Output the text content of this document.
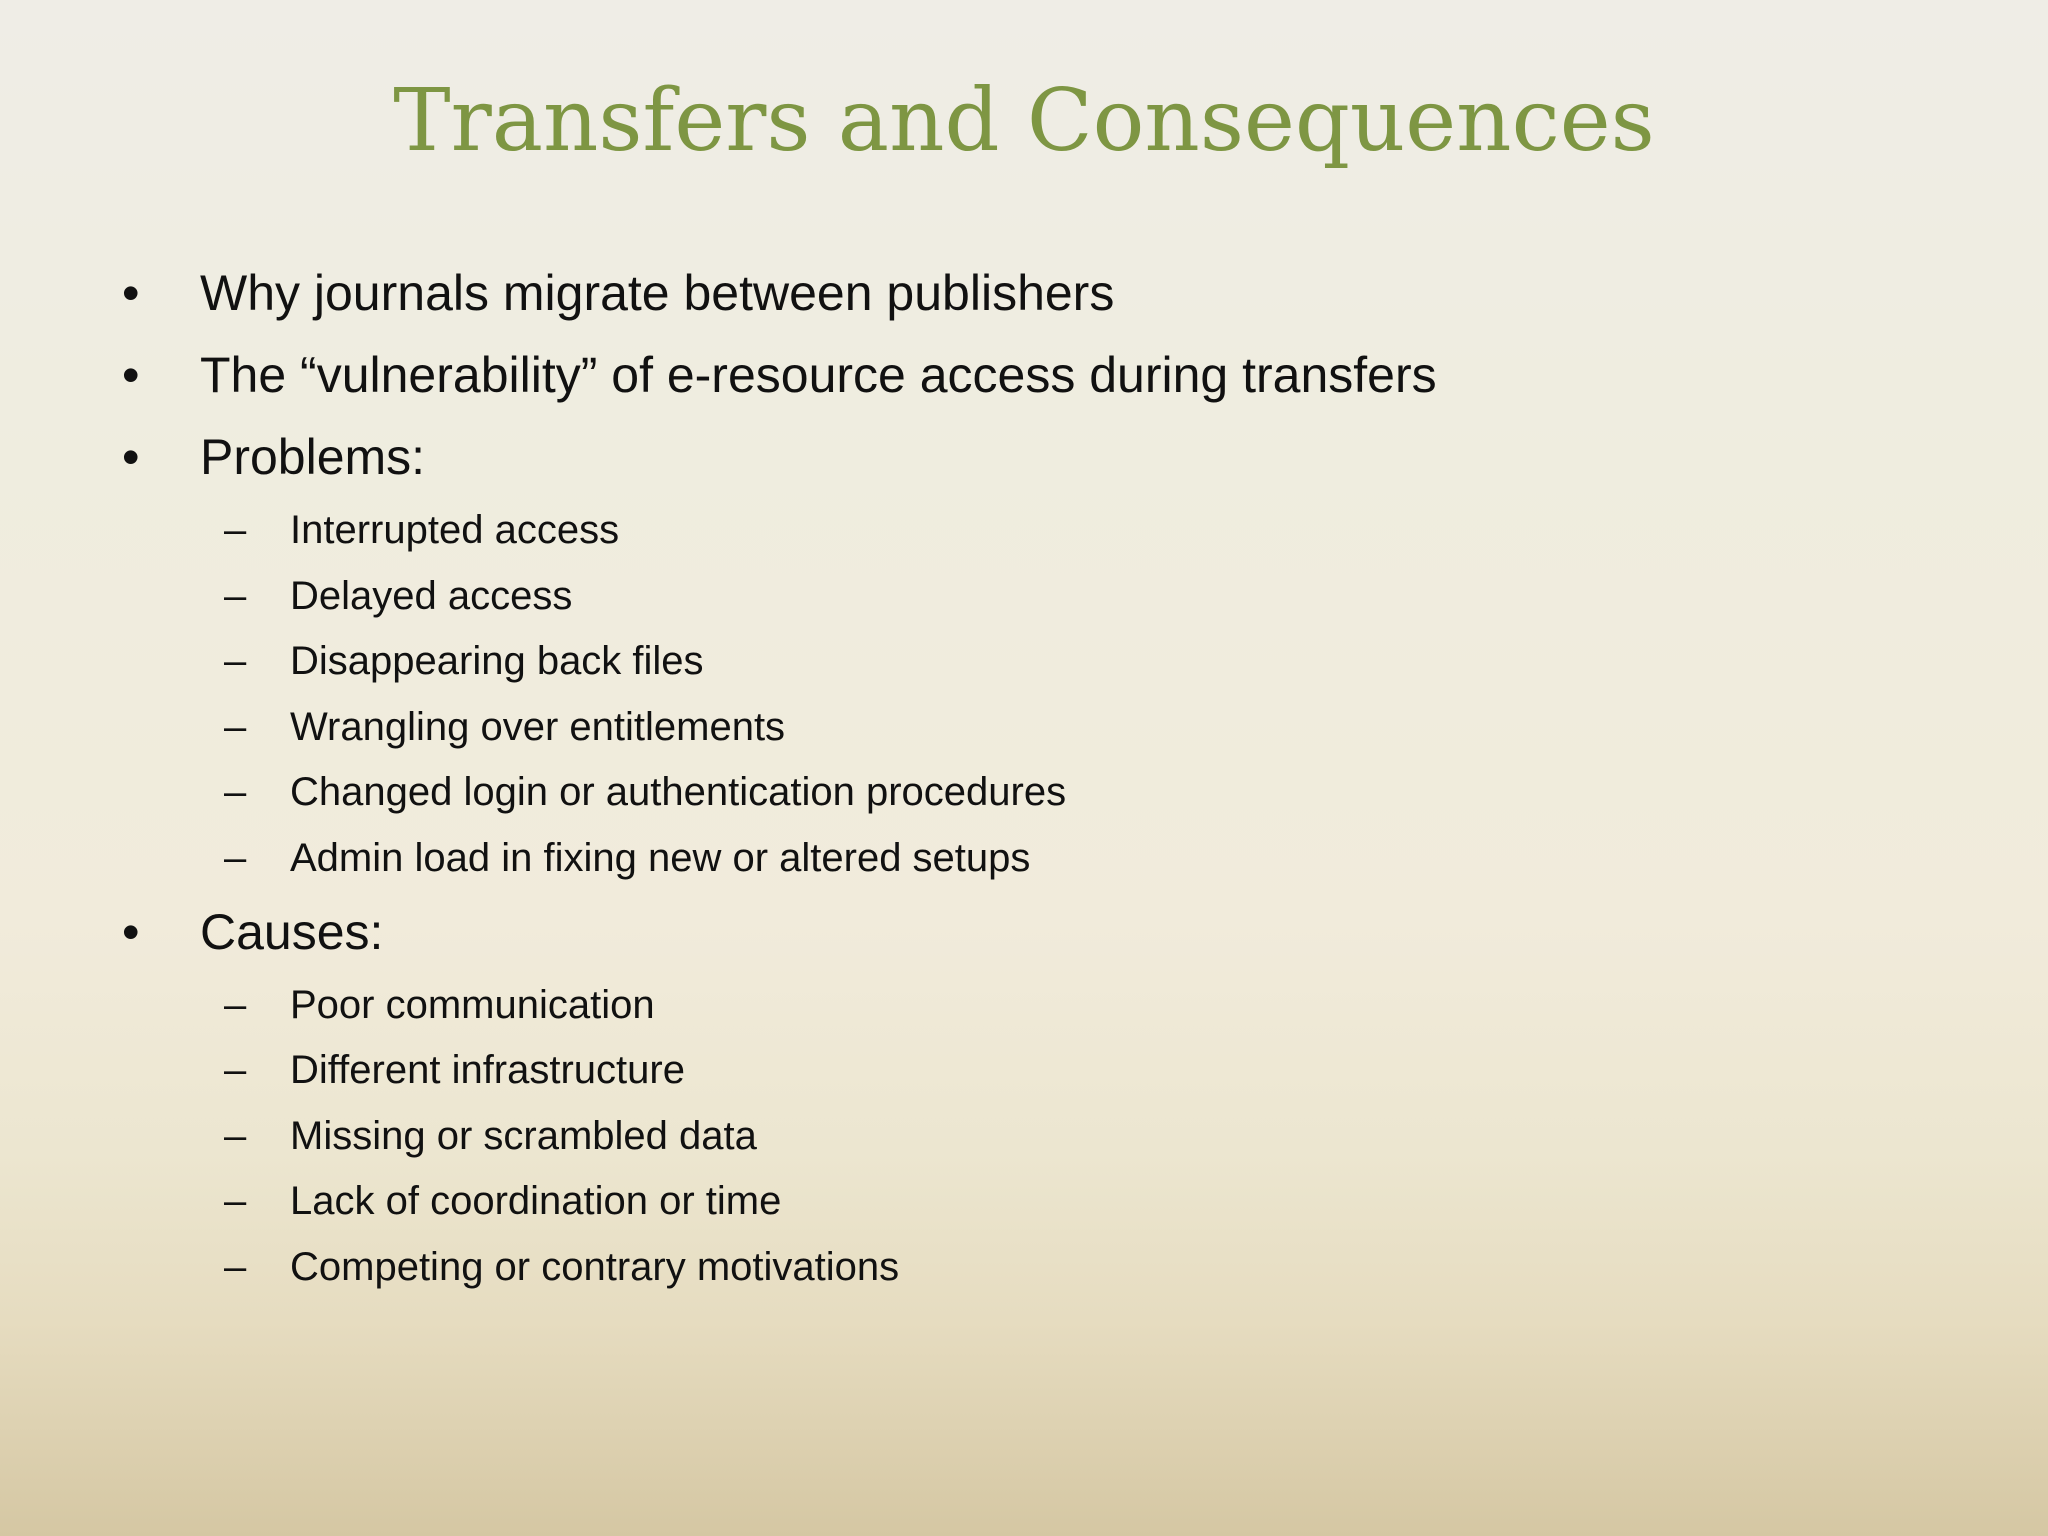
Transfers and Consequences
• Why journals migrate between publishers
• The “vulnerability” of e-resource access during transfers
• Problems:
– Interrupted access
– Delayed access
– Disappearing back files
– Wrangling over entitlements
– Changed login or authentication procedures
– Admin load in fixing new or altered setups
• Causes:
– Poor communication
– Different infrastructure
– Missing or scrambled data
– Lack of coordination or time
– Competing or contrary motivations
